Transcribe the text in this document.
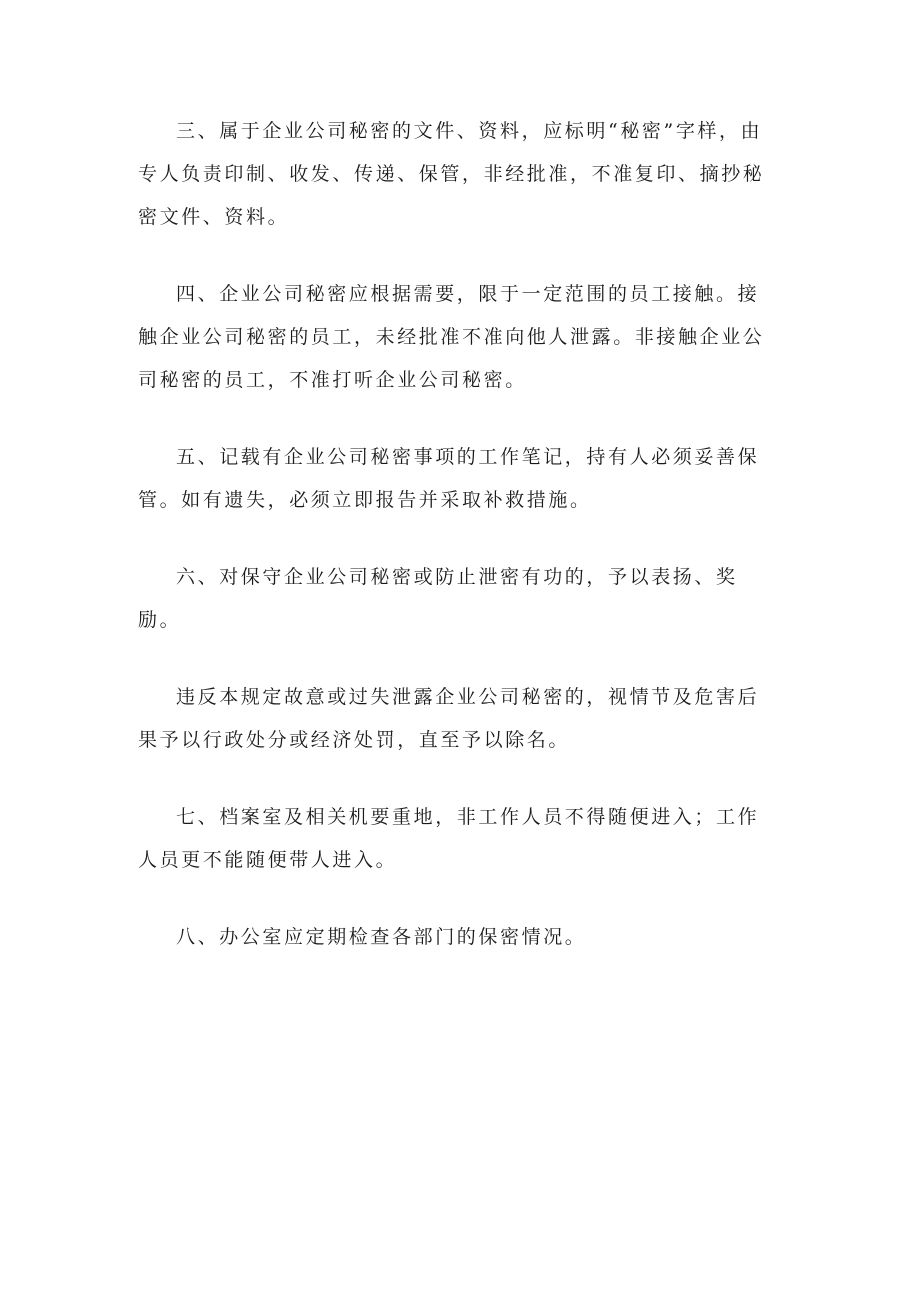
三、属于企业公司秘密的文件、资料，应标明“秘密”字样，由专人负责印制、收发、传递、保管，非经批准，不准复印、摘抄秘密文件、资料。

四、企业公司秘密应根据需要，限于一定范围的员工接触。接触企业公司秘密的员工，未经批准不准向他人泄露。非接触企业公司秘密的员工，不准打听企业公司秘密。

五、记载有企业公司秘密事项的工作笔记，持有人必须妥善保管。如有遗失，必须立即报告并采取补救措施。

六、对保守企业公司秘密或防止泄密有功的，予以表扬、奖励。

违反本规定故意或过失泄露企业公司秘密的，视情节及危害后果予以行政处分或经济处罚，直至予以除名。

七、档案室及相关机要重地，非工作人员不得随便进入；工作人员更不能随便带人进入。

八、办公室应定期检查各部门的保密情况。
